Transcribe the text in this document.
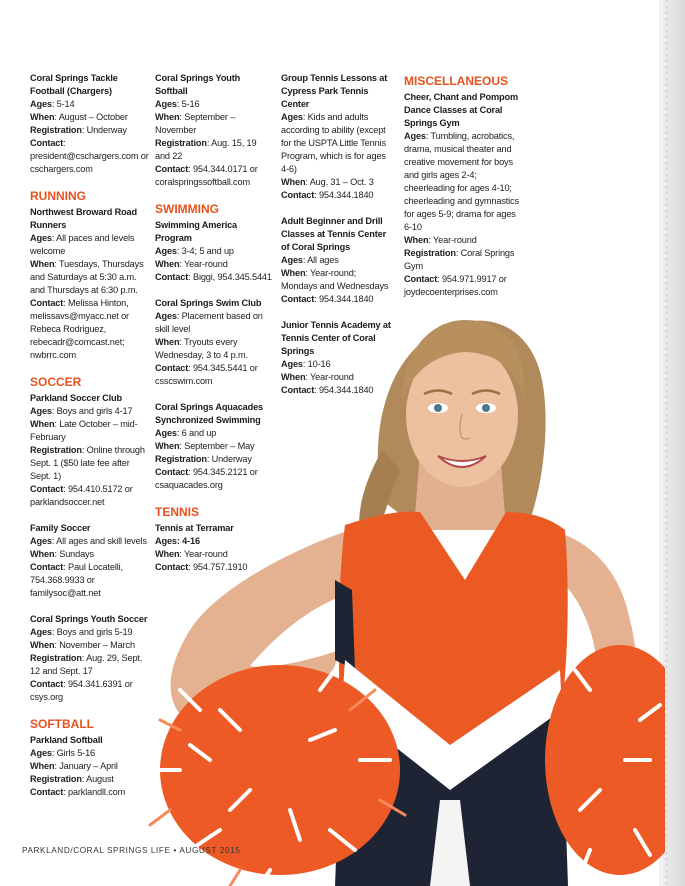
Coral Springs Tackle Football (Chargers)
Ages: 5-14
When: August – October
Registration: Underway
Contact: president@cschargers.com or cschargers.com
RUNNING
Northwest Broward Road Runners
Ages: All paces and levels welcome
When: Tuesdays, Thursdays and Saturdays at 5:30 a.m. and Thursdays at 6:30 p.m.
Contact: Melissa Hinton, melissavs@myacc.net or Rebeca Rodriguez, rebecadr@comcast.net; nwbrrc.com
SOCCER
Parkland Soccer Club
Ages: Boys and girls 4-17
When: Late October – mid-February
Registration: Online through Sept. 1 ($50 late fee after Sept. 1)
Contact: 954.410.5172 or parklandsoccer.net
Family Soccer
Ages: All ages and skill levels
When: Sundays
Contact: Paul Locatelli, 754.368.9933 or familysoc@att.net
Coral Springs Youth Soccer
Ages: Boys and girls 5-19
When: November – March
Registration: Aug. 29, Sept. 12 and Sept. 17
Contact: 954.341.6391 or csys.org
SOFTBALL
Parkland Softball
Ages: Girls 5-16
When: January – April
Registration: August
Contact: parklandll.com
Coral Springs Youth Softball
Ages: 5-16
When: September – November
Registration: Aug. 15, 19 and 22
Contact: 954.344.0171 or coralspringssoftball.com
SWIMMING
Swimming America Program
Ages: 3-4; 5 and up
When: Year-round
Contact: Biggi, 954.345.5441
Coral Springs Swim Club
Ages: Placement based on skill level
When: Tryouts every Wednesday, 3 to 4 p.m.
Contact: 954.345.5441 or csscswim.com
Coral Springs Aquacades Synchronized Swimming
Ages: 6 and up
When: September – May
Registration: Underway
Contact: 954.345.2121 or csaquacades.org
TENNIS
Tennis at Terramar
Ages: 4-16
When: Year-round
Contact: 954.757.1910
Group Tennis Lessons at Cypress Park Tennis Center
Ages: Kids and adults according to ability (except for the USPTA Little Tennis Program, which is for ages 4-6)
When: Aug. 31 – Oct. 3
Contact: 954.344.1840
Adult Beginner and Drill Classes at Tennis Center of Coral Springs
Ages: All ages
When: Year-round; Mondays and Wednesdays
Contact: 954.344.1840
Junior Tennis Academy at Tennis Center of Coral Springs
Ages: 10-16
When: Year-round
Contact: 954.344.1840
MISCELLANEOUS
Cheer, Chant and Pompom Dance Classes at Coral Springs Gym
Ages: Tumbling, acrobatics, drama, musical theater and creative movement for boys and girls ages 2-4; cheerleading for ages 4-10; cheerleading and gymnastics for ages 5-9; drama for ages 6-10
When: Year-round
Registration: Coral Springs Gym
Contact: 954.971.9917 or joydecoenterprises.com
PARKLAND/CORAL SPRINGS LIFE • AUGUST 2015
